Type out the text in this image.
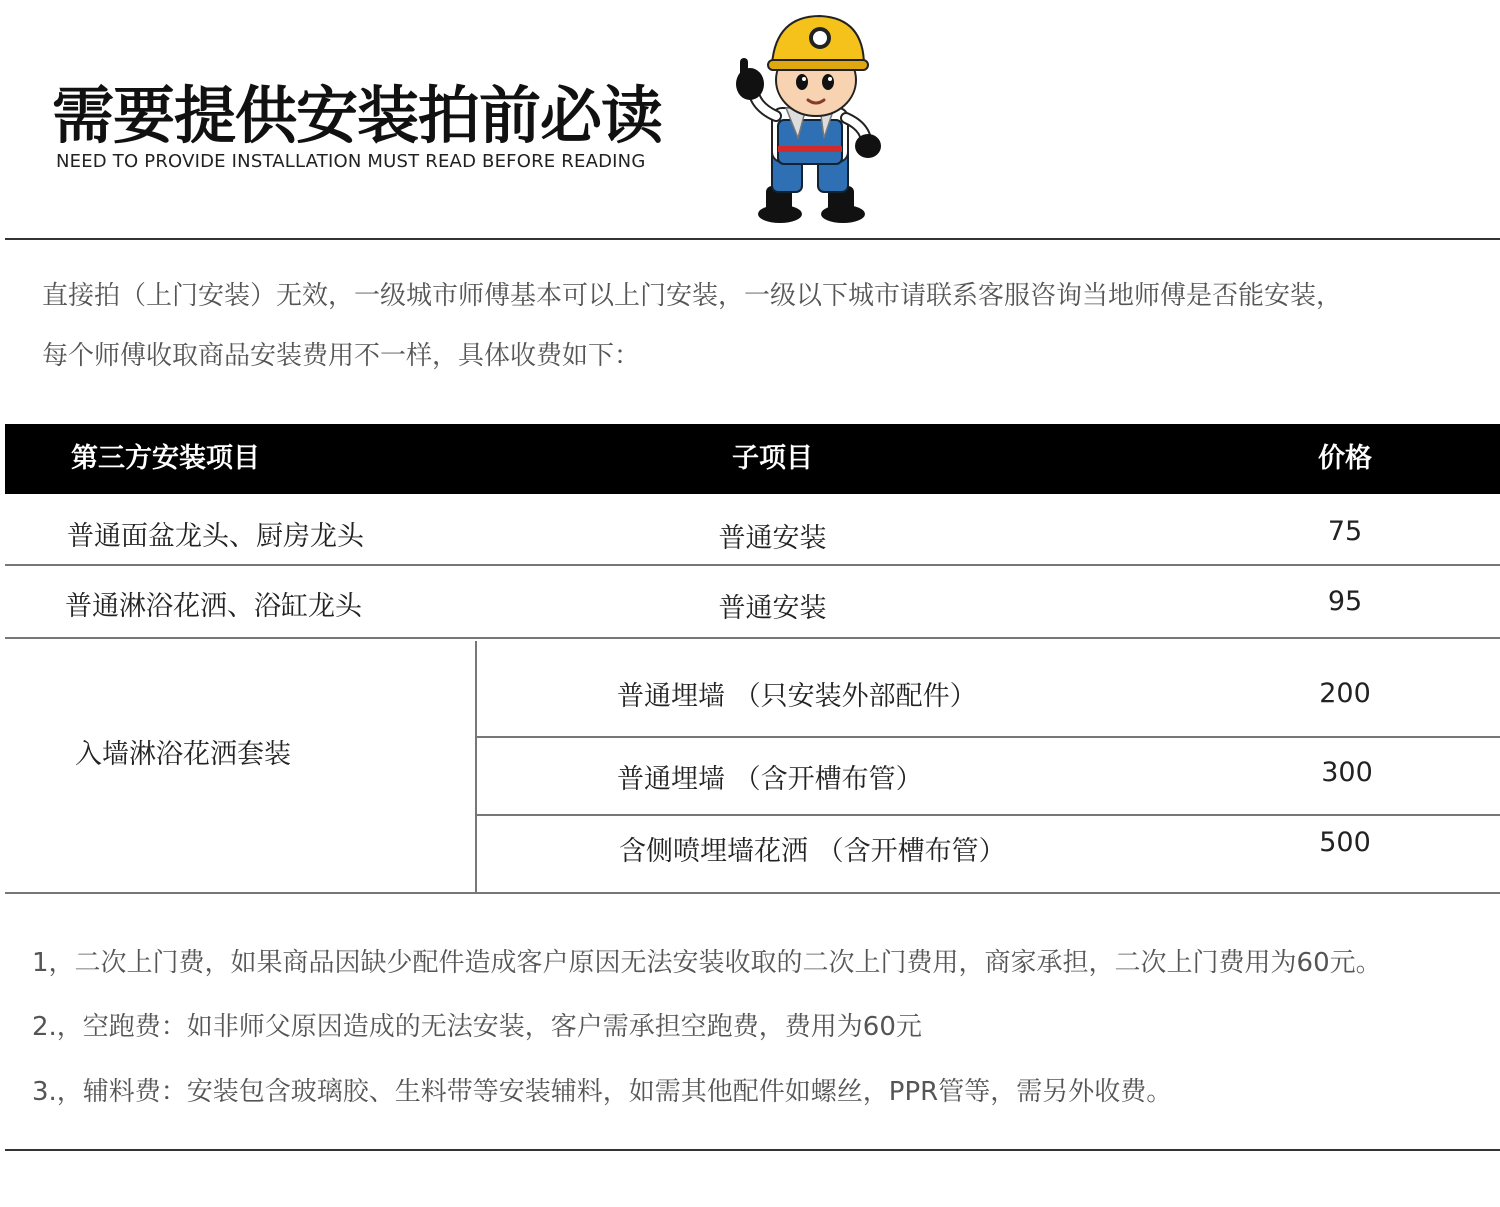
需要提供安装拍前必读
NEED TO PROVIDE INSTALLATION MUST READ BEFORE READING

直接拍（上门安装）无效，一级城市师傅基本可以上门安装，一级以下城市请联系客服咨询当地师傅是否能安装，

每个师傅收取商品安装费用不一样，具体收费如下：

第三方安装项目	子项目	价格
普通面盆龙头、厨房龙头	普通安装	75
普通淋浴花洒、浴缸龙头	普通安装	95
入墙淋浴花洒套装
普通埋墙 （只安装外部配件）	200
普通埋墙 （含开槽布管）	300
含侧喷埋墙花洒 （含开槽布管）	500

1，二次上门费，如果商品因缺少配件造成客户原因无法安装收取的二次上门费用，商家承担，二次上门费用为60元。

2.，空跑费：如非师父原因造成的无法安装，客户需承担空跑费，费用为60元

3.，辅料费：安装包含玻璃胶、生料带等安装辅料，如需其他配件如螺丝，PPR管等，需另外收费。
